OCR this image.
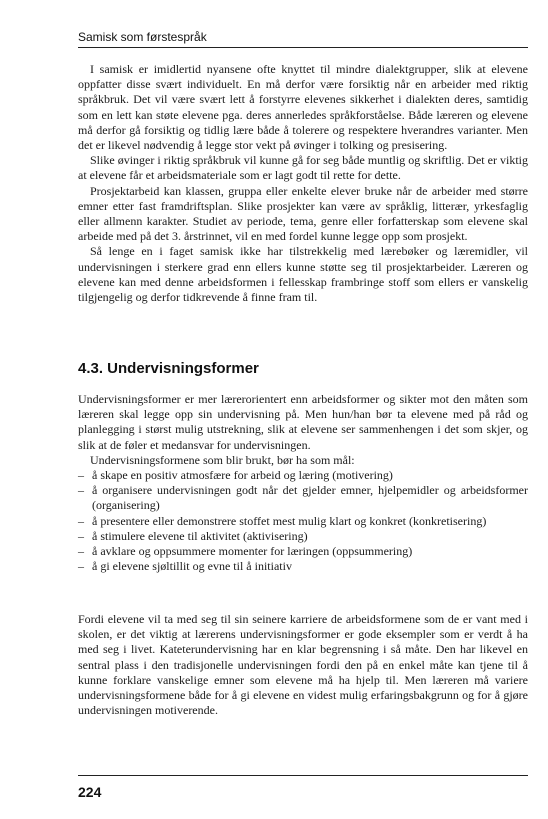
Samisk som førstespråk

I samisk er imidlertid nyansene ofte knyttet til mindre dialektgrupper, slik at elevene oppfatter disse svært individuelt. En må derfor være forsiktig når en arbeider med riktig språkbruk. Det vil være svært lett å forstyrre elevenes sikkerhet i dialekten deres, samtidig som en lett kan støte elevene pga. deres annerledes språkforståelse. Både læreren og elevene må derfor gå forsiktig og tidlig lære både å tolerere og respektere hverandres varianter. Men det er likevel nødvendig å legge stor vekt på øvinger i tolking og presisering.

Slike øvinger i riktig språkbruk vil kunne gå for seg både muntlig og skriftlig. Det er viktig at elevene får et arbeidsmateriale som er lagt godt til rette for dette.

Prosjektarbeid kan klassen, gruppa eller enkelte elever bruke når de arbeider med større emner etter fast framdriftsplan. Slike prosjekter kan være av språklig, litterær, yrkesfaglig eller allmenn karakter. Studiet av periode, tema, genre eller forfatterskap som elevene skal arbeide med på det 3. årstrinnet, vil en med fordel kunne legge opp som prosjekt.

Så lenge en i faget samisk ikke har tilstrekkelig med lærebøker og læremidler, vil undervisningen i sterkere grad enn ellers kunne støtte seg til prosjektarbeider. Læreren og elevene kan med denne arbeidsformen i fellesskap frambringe stoff som ellers er vanskelig tilgjengelig og derfor tidkrevende å finne fram til.

4.3. Undervisningsformer

Undervisningsformer er mer lærerorientert enn arbeidsformer og sikter mot den måten som læreren skal legge opp sin undervisning på. Men hun/han bør ta elevene med på råd og planlegging i størst mulig utstrekning, slik at elevene ser sammenhengen i det som skjer, og slik at de føler et medansvar for undervisningen.

Undervisningsformene som blir brukt, bør ha som mål:

– å skape en positiv atmosfære for arbeid og læring (motivering)
– å organisere undervisningen godt når det gjelder emner, hjelpemidler og arbeidsformer (organisering)
– å presentere eller demonstrere stoffet mest mulig klart og konkret (konkretisering)
– å stimulere elevene til aktivitet (aktivisering)
– å avklare og oppsummere momenter for læringen (oppsummering)
– å gi elevene sjøltillit og evne til å initiativ

Fordi elevene vil ta med seg til sin seinere karriere de arbeidsformene som de er vant med i skolen, er det viktig at lærerens undervisningsformer er gode eksempler som er verdt å ha med seg i livet. Kateterundervisning har en klar begrensning i så måte. Den har likevel en sentral plass i den tradisjonelle undervisningen fordi den på en enkel måte kan tjene til å kunne forklare vanskelige emner som elevene må ha hjelp til. Men læreren må variere undervisningsformene både for å gi elevene en videst mulig erfaringsbakgrunn og for å gjøre undervisningen motiverende.

224
